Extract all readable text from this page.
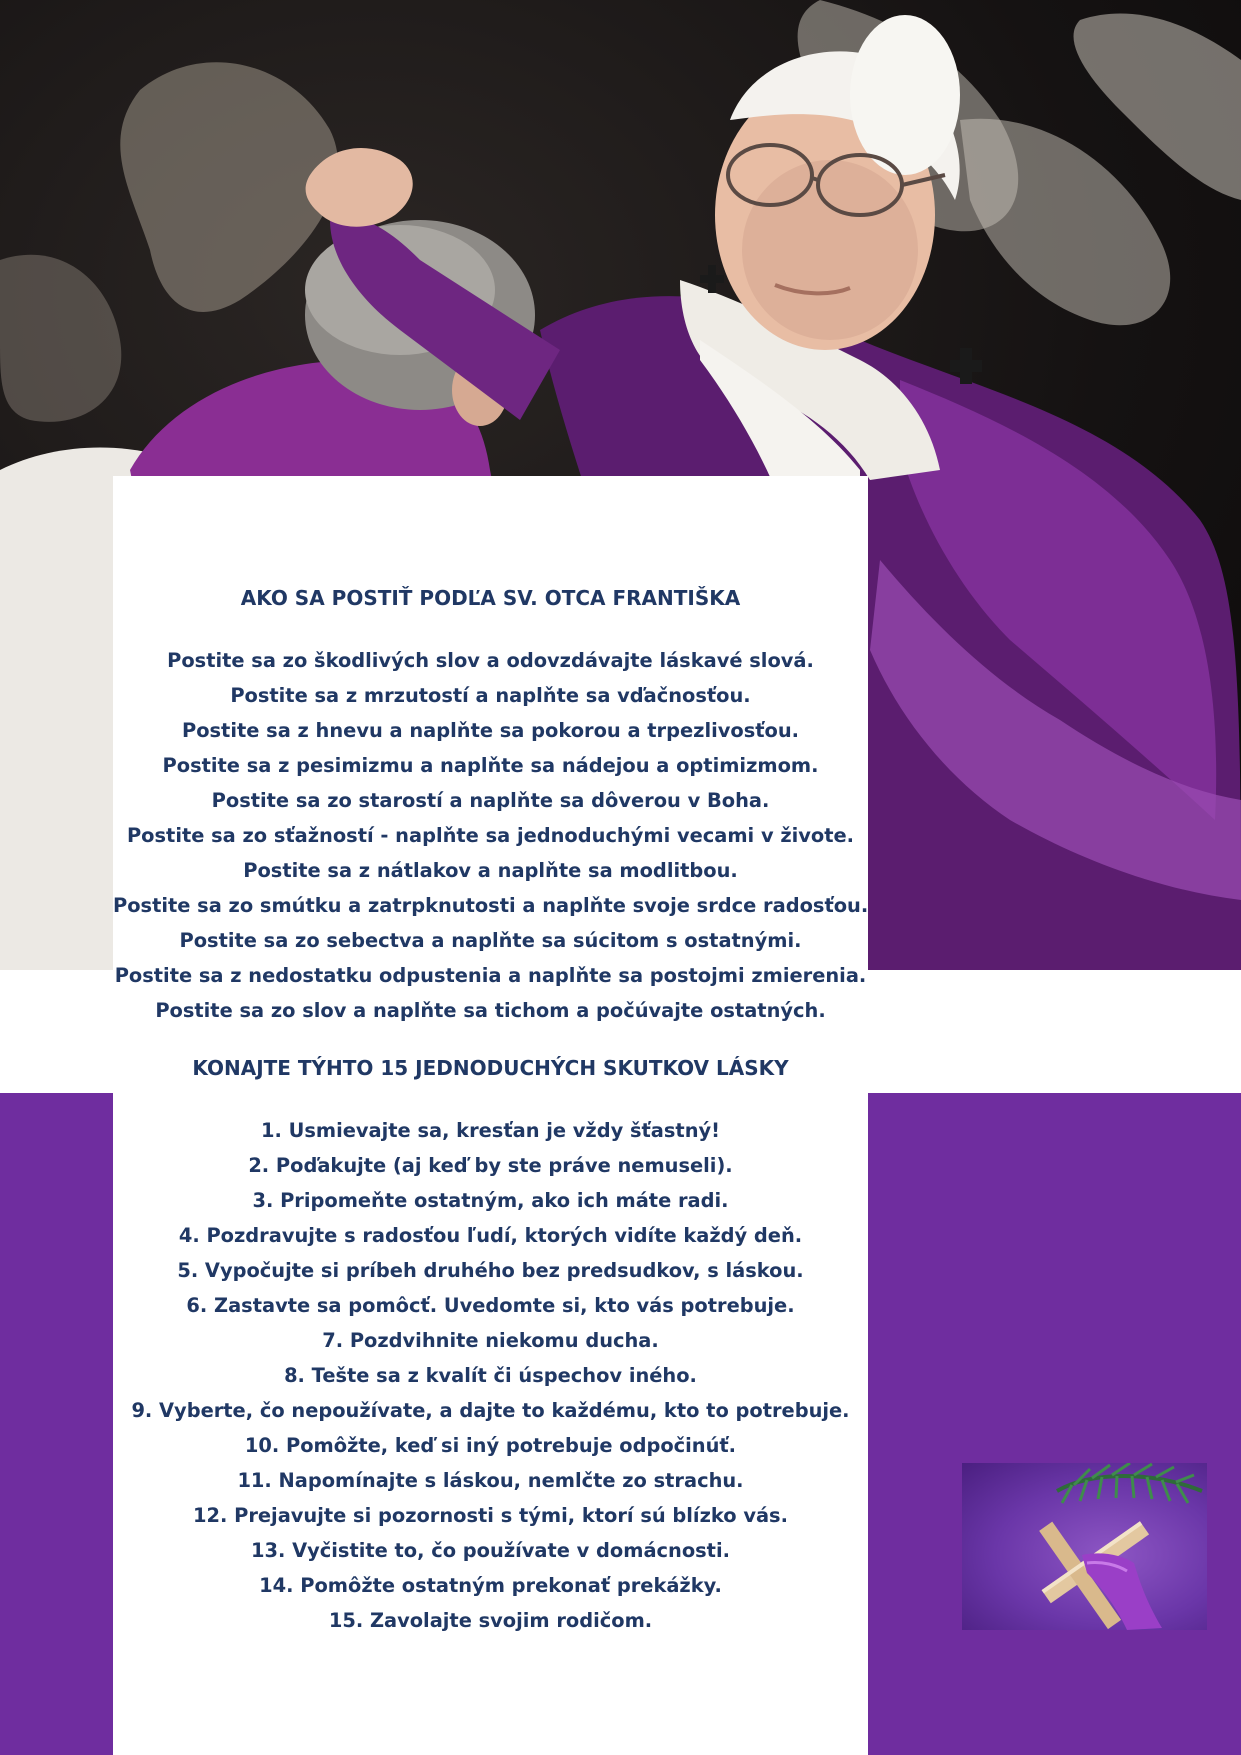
AKO SA POSTIŤ PODĽA SV. OTCA FRANTIŠKA

Postite sa zo škodlivých slov a odovzdávajte láskavé slová.

Postite sa z mrzutostí a naplňte sa vďačnosťou.

Postite sa z hnevu a naplňte sa pokorou a trpezlivosťou.

Postite sa z pesimizmu a naplňte sa nádejou a optimizmom.

Postite sa zo starostí a naplňte sa dôverou v Boha.

Postite sa zo sťažností - naplňte sa jednoduchými vecami v živote.

Postite sa z nátlakov a naplňte sa modlitbou.

Postite sa zo smútku a zatrpknutosti a naplňte svoje srdce radosťou.

Postite sa zo sebectva a naplňte sa súcitom s ostatnými.

Postite sa z nedostatku odpustenia a naplňte sa postojmi zmierenia.

Postite sa zo slov a naplňte sa tichom a počúvajte ostatných.

KONAJTE TÝHTO 15 JEDNODUCHÝCH SKUTKOV LÁSKY

1. Usmievajte sa, kresťan je vždy šťastný!

2. Poďakujte (aj keď by ste práve nemuseli).

3. Pripomeňte ostatným, ako ich máte radi.

4. Pozdravujte s radosťou ľudí, ktorých vidíte každý deň.

5. Vypočujte si príbeh druhého bez predsudkov, s láskou.

6. Zastavte sa pomôcť. Uvedomte si, kto vás potrebuje.

7. Pozdvihnite niekomu ducha.

8. Tešte sa z kvalít či úspechov iného.

9. Vyberte, čo nepoužívate, a dajte to každému, kto to potrebuje.

10. Pomôžte, keď si iný potrebuje odpočinúť.

11. Napomínajte s láskou, nemlčte zo strachu.

12. Prejavujte si pozornosti s tými, ktorí sú blízko vás.

13. Vyčistite to, čo používate v domácnosti.

14. Pomôžte ostatným prekonať prekážky.

15. Zavolajte svojim rodičom.
